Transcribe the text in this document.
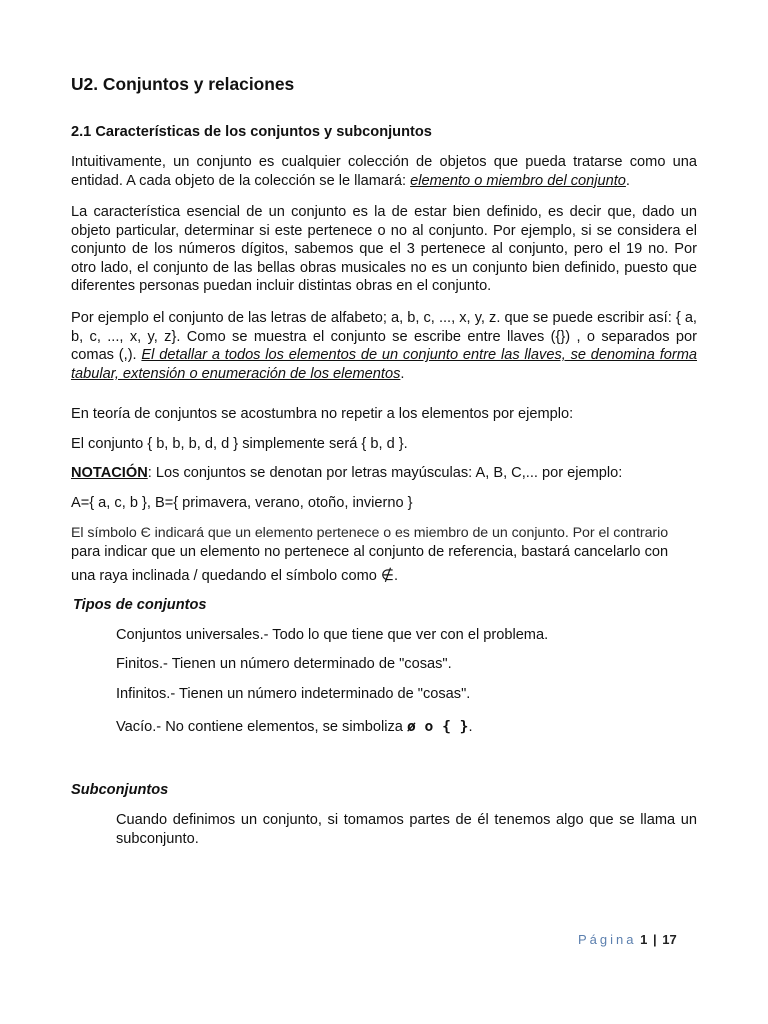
U2. Conjuntos y relaciones
2.1 Características de los conjuntos y subconjuntos

Intuitivamente, un conjunto es cualquier colección de objetos que pueda tratarse como una entidad. A cada objeto de la colección se le llamará: elemento o miembro del conjunto.

La característica esencial de un conjunto es la de estar bien definido, es decir que, dado un objeto particular, determinar si este pertenece o no al conjunto. Por ejemplo, si se considera el conjunto de los números dígitos, sabemos que el 3 pertenece al conjunto, pero el 19 no. Por otro lado, el conjunto de las bellas obras musicales no es un conjunto bien definido, puesto que diferentes personas puedan incluir distintas obras en el conjunto.

Por ejemplo el conjunto de las letras de alfabeto; a, b, c, ..., x, y, z. que se puede escribir así: { a, b, c, ..., x, y, z}. Como se muestra el conjunto se escribe entre llaves ({}) , o separados por comas (,). El detallar a todos los elementos de un conjunto entre las llaves, se denomina forma tabular, extensión o enumeración de los elementos.

En teoría de conjuntos se acostumbra no repetir a los elementos por ejemplo:

El conjunto { b, b, b, d, d } simplemente será { b, d }.

NOTACIÓN: Los conjuntos se denotan por letras mayúsculas: A, B, C,... por ejemplo:

A={ a, c, b }, B={ primavera, verano, otoño, invierno }

El símbolo Є indicará que un elemento pertenece o es miembro de un conjunto. Por el contrario

para indicar que un elemento no pertenece al conjunto de referencia, bastará cancelarlo con

una raya inclinada / quedando el símbolo como ∉.

Tipos de conjuntos

Conjuntos universales.- Todo lo que tiene que ver con el problema.

Finitos.- Tienen un número determinado de "cosas".

Infinitos.- Tienen un número indeterminado de "cosas".

Vacío.- No contiene elementos, se simboliza ø o { }.

Subconjuntos

Cuando definimos un conjunto, si tomamos partes de él tenemos algo que se llama un subconjunto.

Página 1 | 17
